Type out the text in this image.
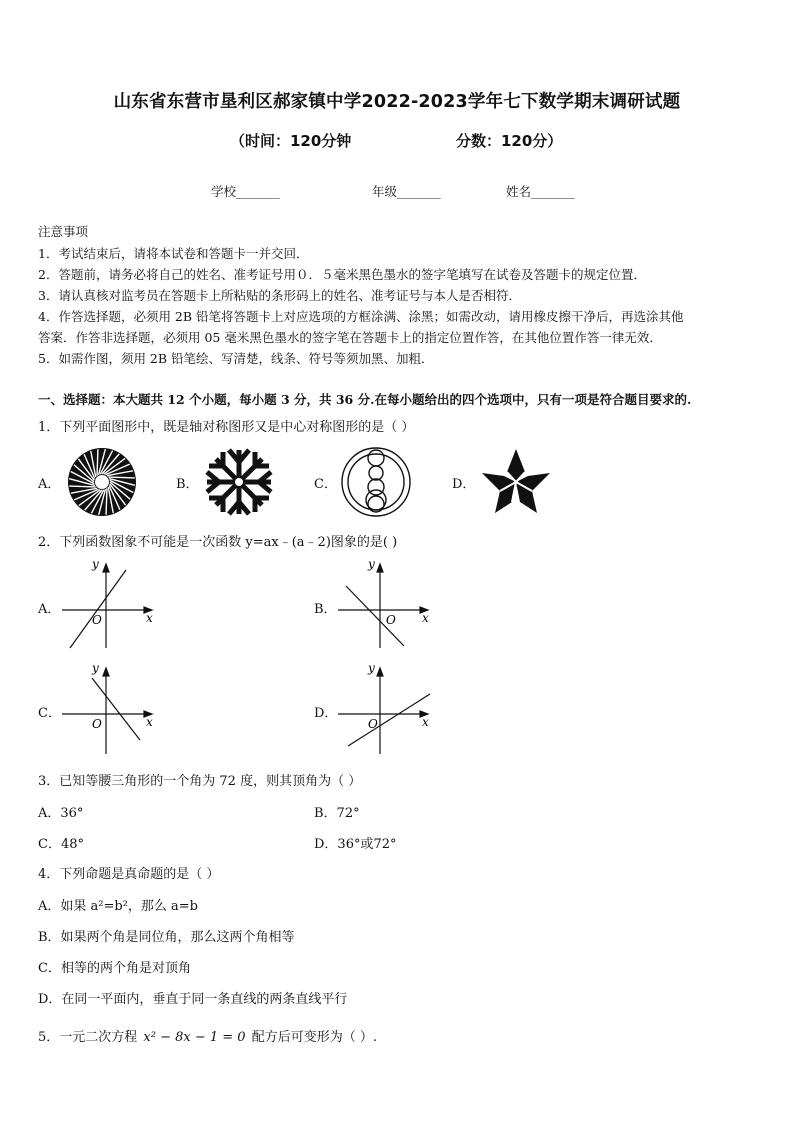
山东省东营市垦利区郝家镇中学2022-2023学年七下数学期末调研试题
（时间：120分钟	分数：120分）
学校_______	年级_______	姓名_______
注意事项
1．考试结束后，请将本试卷和答题卡一并交回．
2．答题前，请务必将自己的姓名、准考证号用０．５毫米黑色墨水的签字笔填写在试卷及答题卡的规定位置．
3．请认真核对监考员在答题卡上所粘贴的条形码上的姓名、准考证号与本人是否相符．
4．作答选择题，必须用 2B 铅笔将答题卡上对应选项的方框涂满、涂黑；如需改动，请用橡皮擦干净后，再选涂其他
答案．作答非选择题，必须用 05 毫米黑色墨水的签字笔在答题卡上的指定位置作答，在其他位置作答一律无效．
5．如需作图，须用 2B 铅笔绘、写清楚，线条、符号等须加黑、加粗．
一、选择题：本大题共 12 个小题，每小题 3 分，共 36 分.在每小题给出的四个选项中，只有一项是符合题目要求的.
1．下列平面图形中，既是轴对称图形又是中心对称图形的是（ ）
A．	B．	C．	D．
2．下列函数图象不可能是一次函数 y=ax﹣(a﹣2)图象的是( )
A．	B．
C．	D．
y
x
O
y
x
O
y
x
O
y
x
O
3．已知等腰三角形的一个角为 72 度，则其顶角为（ ）
A．36°	B．72°
C．48°	D．36°或72°
4．下列命题是真命题的是（ ）
A．如果 a²=b²，那么 a=b
B．如果两个角是同位角，那么这两个角相等
C．相等的两个角是对顶角
D．在同一平面内，垂直于同一条直线的两条直线平行
5．一元二次方程 x² − 8x − 1 = 0 配方后可变形为（ ）.
